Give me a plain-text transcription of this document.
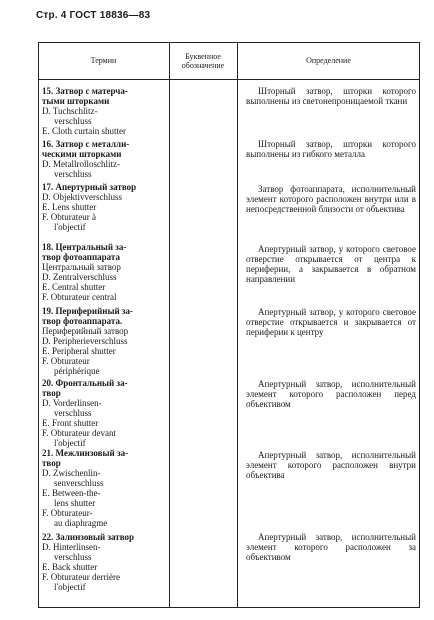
Стр. 4 ГОСТ 18836—83
Термин	Буквенное обозначение
Определение
15. Затвор с матерча-
тыми шторками
D. Tuchschlitz-
verschluss
E. Cloth curtain shutter
Шторный затвор, шторки которого выполнены из светонепроницаемой ткани
16. Затвор с металли-
ческими шторками
D. Metallrolloschlitz-
verschluss
Шторный затвор, шторки которого выполнены из гибкого металла
17. Апертурный затвор
D. Objektivverschluss
E. Lens shutter
F. Obturateur à
l'objectif
Затвор фотоаппарата, исполнительный элемент которого расположен внутри или в непосредственной близости от объектива
18. Центральный за-
твор фотоаппарата
Центральный затвор
D. Zentralverschluss
E. Central shutter
F. Obturateur central
Апертурный затвор, у которого световое отверстие открывается от центра к периферии, а закрывается в обратном направлении
19. Периферийный за-
твор фотоаппарата.
Периферийный затвор
D. Peripherieverschluss
E. Peripheral shutter
F. Obturateur
périphérique
Апертурный затвор, у которого световое отверстие открывается и закрывается от периферии к центру
20. Фронтальный за-
твор
D. Vorderlinsen-
verschluss
E. Front shutter
F. Obturateur devant
l'objectif
Апертурный затвор, исполнительный элемент которого расположен перед объективом
21. Межлинзовый за-
твор
D. Zwischenlin-
senverschluss
E. Between-the-
lens shutter
F. Obturateur-
au diaphragme
Апертурный затвор, исполнительный элемент которого расположен внутри объектива
22. Залинзовый затвор
D. Hinterlinsen-
verschluss
E. Back shutter
F. Obturateur derrière
l'objectif
Апертурный затвор, исполнительный элемент которого расположен за объективом
